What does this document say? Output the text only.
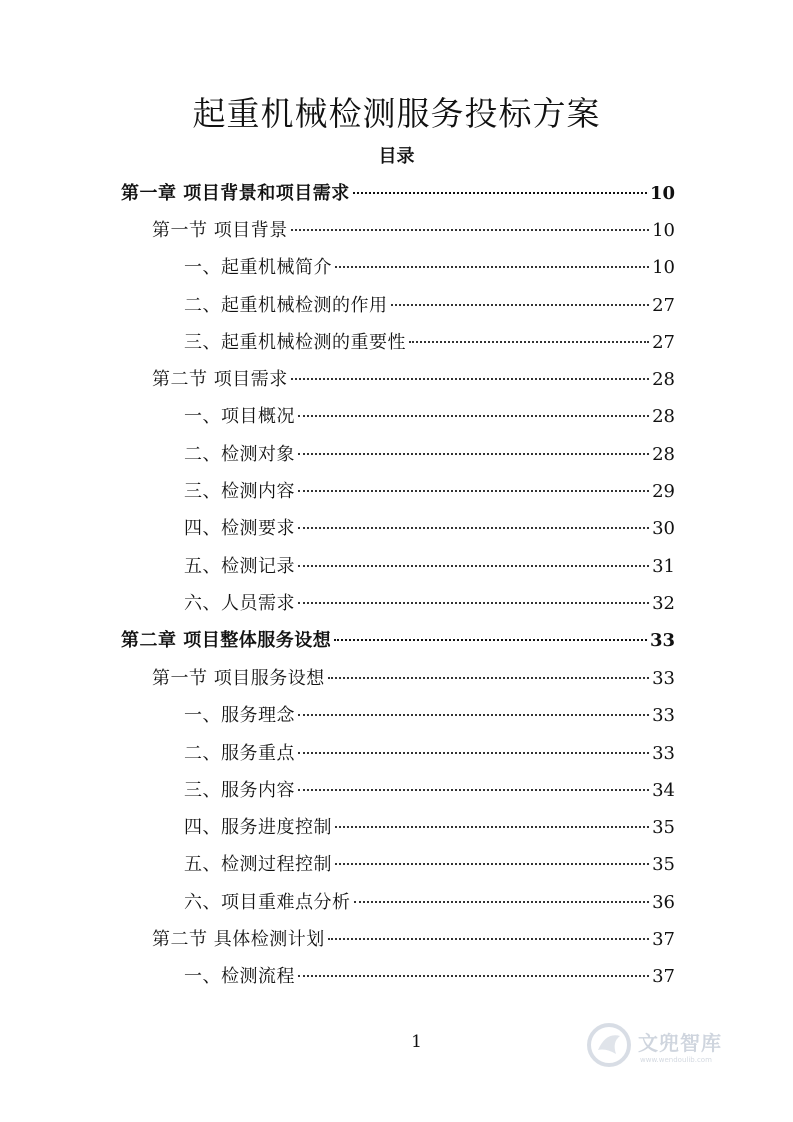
起重机械检测服务投标方案
目录
第一章 项目背景和项目需求	10
第一节 项目背景	10
一、起重机械简介	10
二、起重机械检测的作用	27
三、起重机械检测的重要性	27
第二节 项目需求	28
一、项目概况	28
二、检测对象	28
三、检测内容	29
四、检测要求	30
五、检测记录	31
六、人员需求	32
第二章 项目整体服务设想	33
第一节 项目服务设想	33
一、服务理念	33
二、服务重点	33
三、服务内容	34
四、服务进度控制	35
五、检测过程控制	35
六、项目重难点分析	36
第二节 具体检测计划	37
一、检测流程	37
1	文兜智库
www.wendoulib.com
